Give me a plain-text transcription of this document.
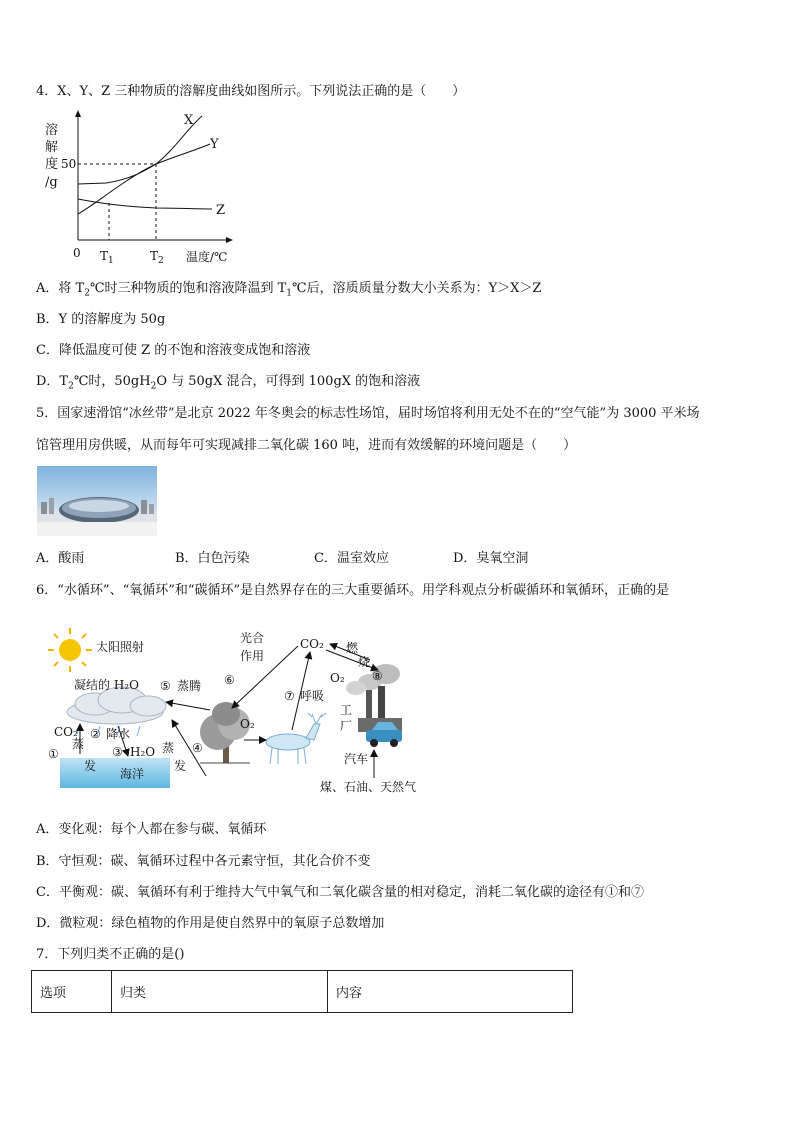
4．X、Y、Z 三种物质的溶解度曲线如图所示。下列说法正确的是（　　）
溶
解
度
/g
50
0 $T_1$	$T_2$ 温度/℃
X
Y
Z
A．将 $T_2℃$时三种物质的饱和溶液降温到 $T_1℃$后，溶质质量分数大小关系为：Y＞X＞Z
B．Y 的溶解度为 50g
C．降低温度可使 Z 的不饱和溶液变成饱和溶液
D．$T_2℃$时，$50gH_2O$ 与 50gX 混合，可得到 100gX 的饱和溶液
5．国家速滑馆“冰丝带”是北京 2022 年冬奥会的标志性场馆，届时场馆将利用无处不在的“空气能”为 3000 平米场
馆管理用房供暖，从而每年可实现减排二氧化碳 160 吨，进而有效缓解的环境问题是（　　）
A．酸雨	B．白色污染	C．温室效应	D．臭氧空洞
6．“水循环”、“氧循环”和“碳循环”是自然界存在的三大重要循环。用学科观点分析碳循环和氧循环，正确的是
太阳照射
光合
作用
CO₂ 燃
烧
凝结的 H₂O ⑤ 蒸腾 ⑥
⑦ 呼吸
O₂ ⑧
CO₂ ② 降水
①	③ H₂O	④
蒸
发
蒸
发
海洋
O₂
工
厂
汽车
煤、石油、天然气
A．变化观：每个人都在参与碳、氧循环
B．守恒观：碳、氧循环过程中各元素守恒，其化合价不变
C．平衡观：碳、氧循环有利于维持大气中氧气和二氧化碳含量的相对稳定，消耗二氧化碳的途径有①和⑦
D．微粒观：绿色植物的作用是使自然界中的氧原子总数增加
7．下列归类不正确的是()
选项	归类	内容
